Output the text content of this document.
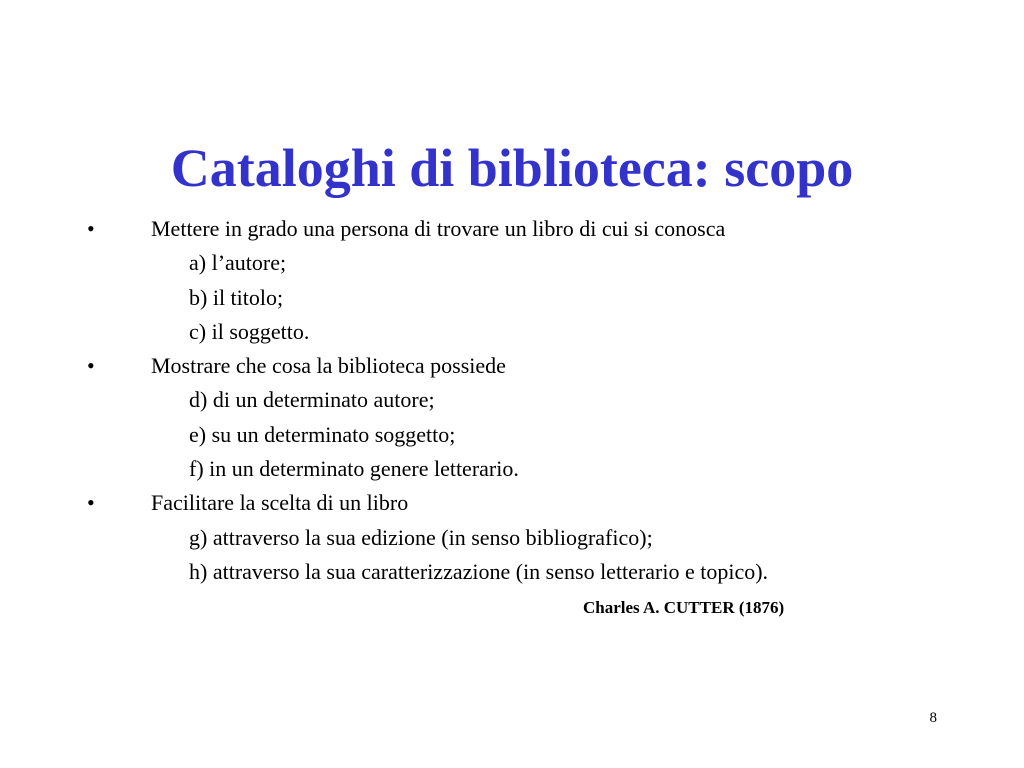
Cataloghi di biblioteca: scopo
•	Mettere in grado una persona di trovare un libro di cui si conosca
a) l’autore;
b) il titolo;
c) il soggetto.
•	Mostrare che cosa la biblioteca possiede
d) di un determinato autore;
e) su un determinato soggetto;
f) in un determinato genere letterario.
•	Facilitare la scelta di un libro
g) attraverso la sua edizione (in senso bibliografico);
h) attraverso la sua caratterizzazione (in senso letterario e topico).
Charles A. CUTTER (1876)
8
